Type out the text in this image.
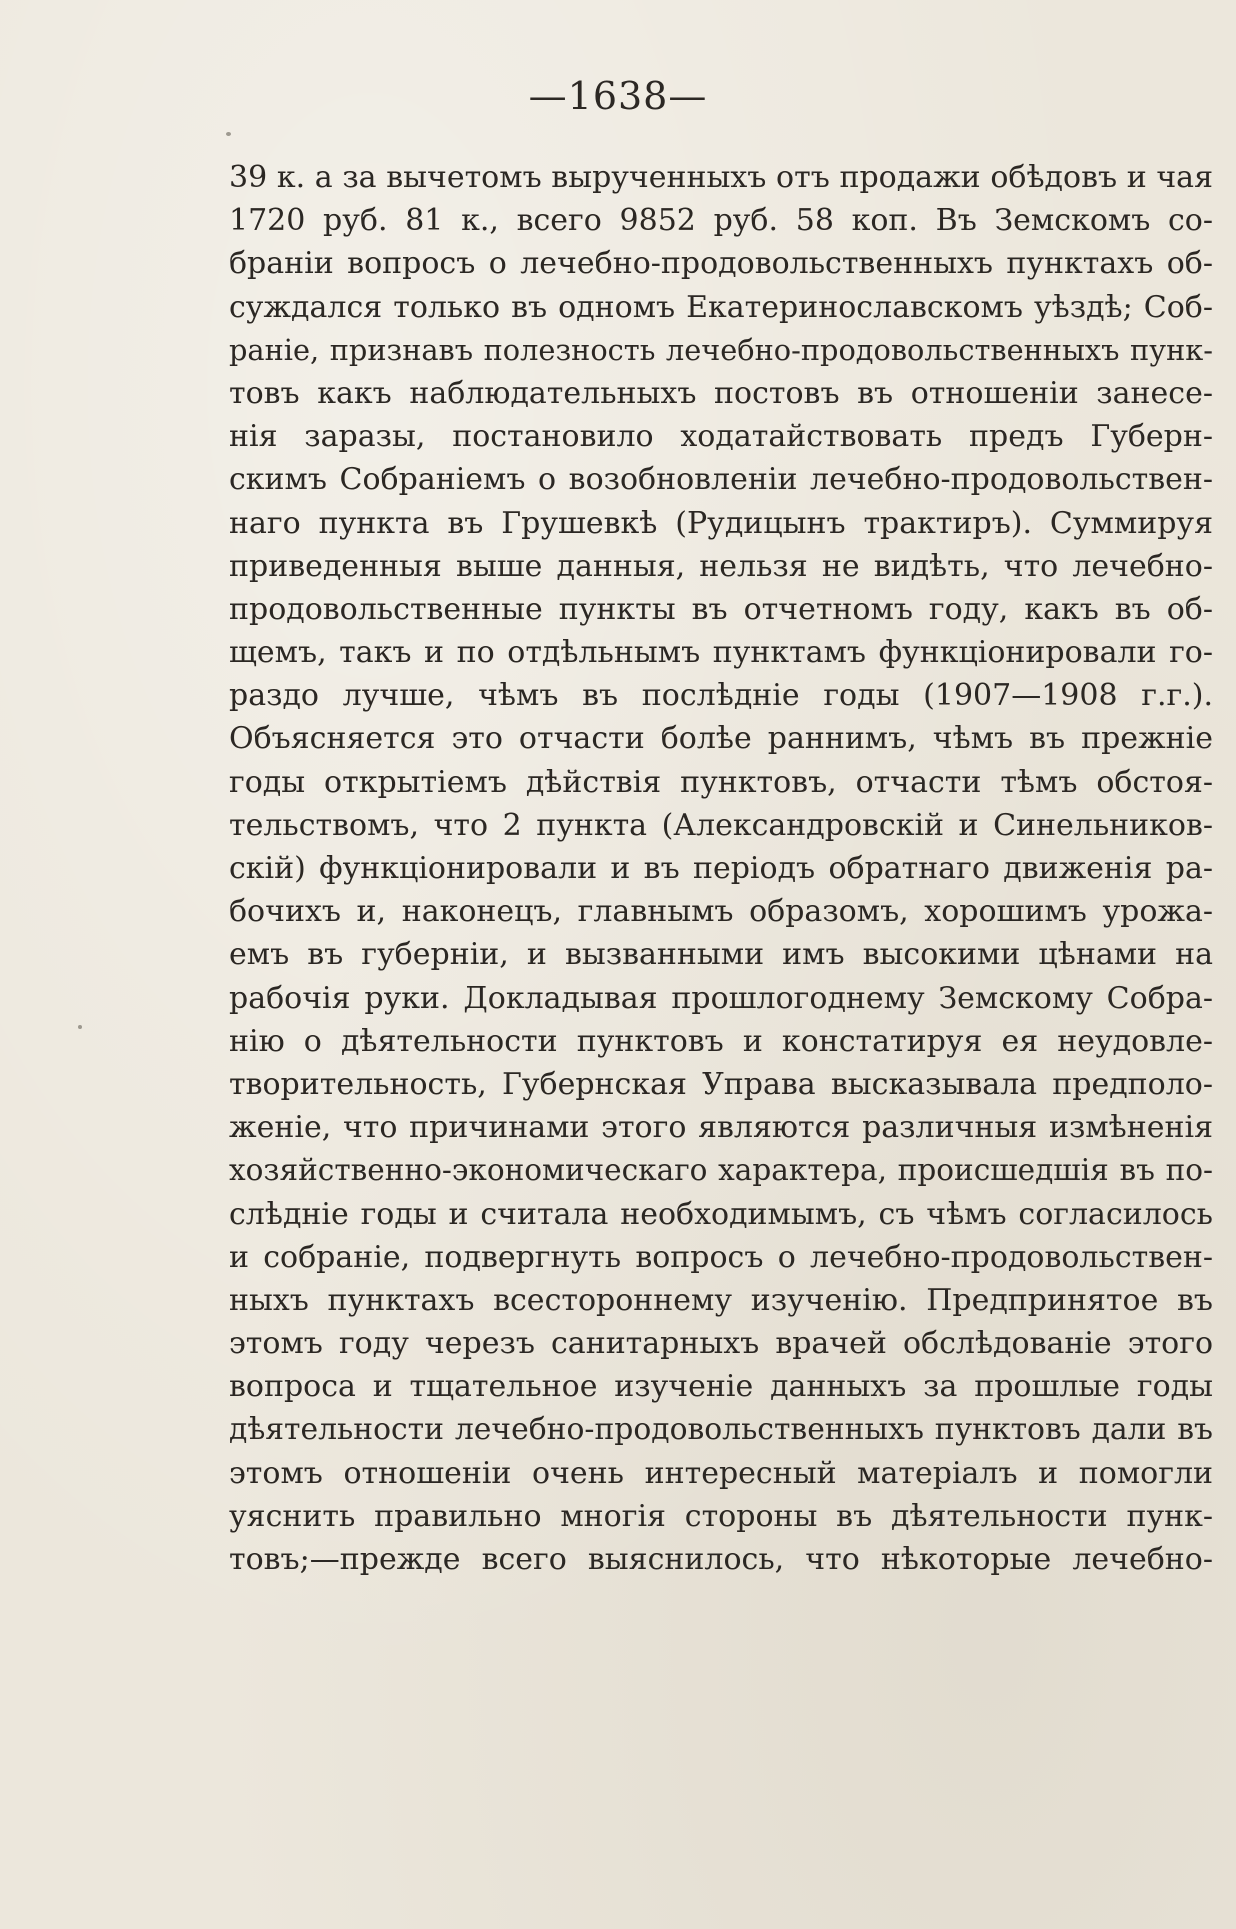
—1638—
39 к. а за вычетомъ вырученныхъ отъ продажи обѣдовъ и чая
1720 руб. 81 к., всего 9852 руб. 58 коп. Въ Земскомъ со-
бранiи вопросъ о лечебно-продовольственныхъ пунктахъ об-
суждался только въ одномъ Екатеринославскомъ уѣздѣ; Соб-
ранiе, признавъ полезность лечебно-продовольственныхъ пунк-
товъ какъ наблюдательныхъ постовъ въ отношенiи занесе-
нiя заразы, постановило ходатайствовать предъ Губерн-
скимъ Собранiемъ о возобновленiи лечебно-продовольствен-
наго пункта въ Грушевкѣ (Рудицынъ трактиръ). Суммируя
приведенныя выше данныя, нельзя не видѣть, что лечебно-
продовольственные пункты въ отчетномъ году, какъ въ об-
щемъ, такъ и по отдѣльнымъ пунктамъ функцiонировали го-
раздо лучше, чѣмъ въ послѣднiе годы (1907—1908 г.г.).
Объясняется это отчасти болѣе раннимъ, чѣмъ въ прежнiе
годы открытiемъ дѣйствiя пунктовъ, отчасти тѣмъ обстоя-
тельствомъ, что 2 пункта (Александровскiй и Синельников-
скiй) функцiонировали и въ перiодъ обратнаго движенiя ра-
бочихъ и, наконецъ, главнымъ образомъ, хорошимъ урожа-
емъ въ губернiи, и вызванными имъ высокими цѣнами на
рабочiя руки. Докладывая прошлогоднему Земскому Собра-
нiю о дѣятельности пунктовъ и констатируя ея неудовле-
творительность, Губернская Управа высказывала предполо-
женiе, что причинами этого являются различныя измѣненiя
хозяйственно-экономическаго характера, происшедшiя въ по-
слѣднiе годы и считала необходимымъ, съ чѣмъ согласилось
и собранiе, подвергнуть вопросъ о лечебно-продовольствен-
ныхъ пунктахъ всестороннему изученiю. Предпринятое въ
этомъ году черезъ санитарныхъ врачей обслѣдованiе этого
вопроса и тщательное изученiе данныхъ за прошлые годы
дѣятельности лечебно-продовольственныхъ пунктовъ дали въ
этомъ отношенiи очень интересный матерiалъ и помогли
уяснить правильно многiя стороны въ дѣятельности пунк-
товъ;—прежде всего выяснилось, что нѣкоторые лечебно-
